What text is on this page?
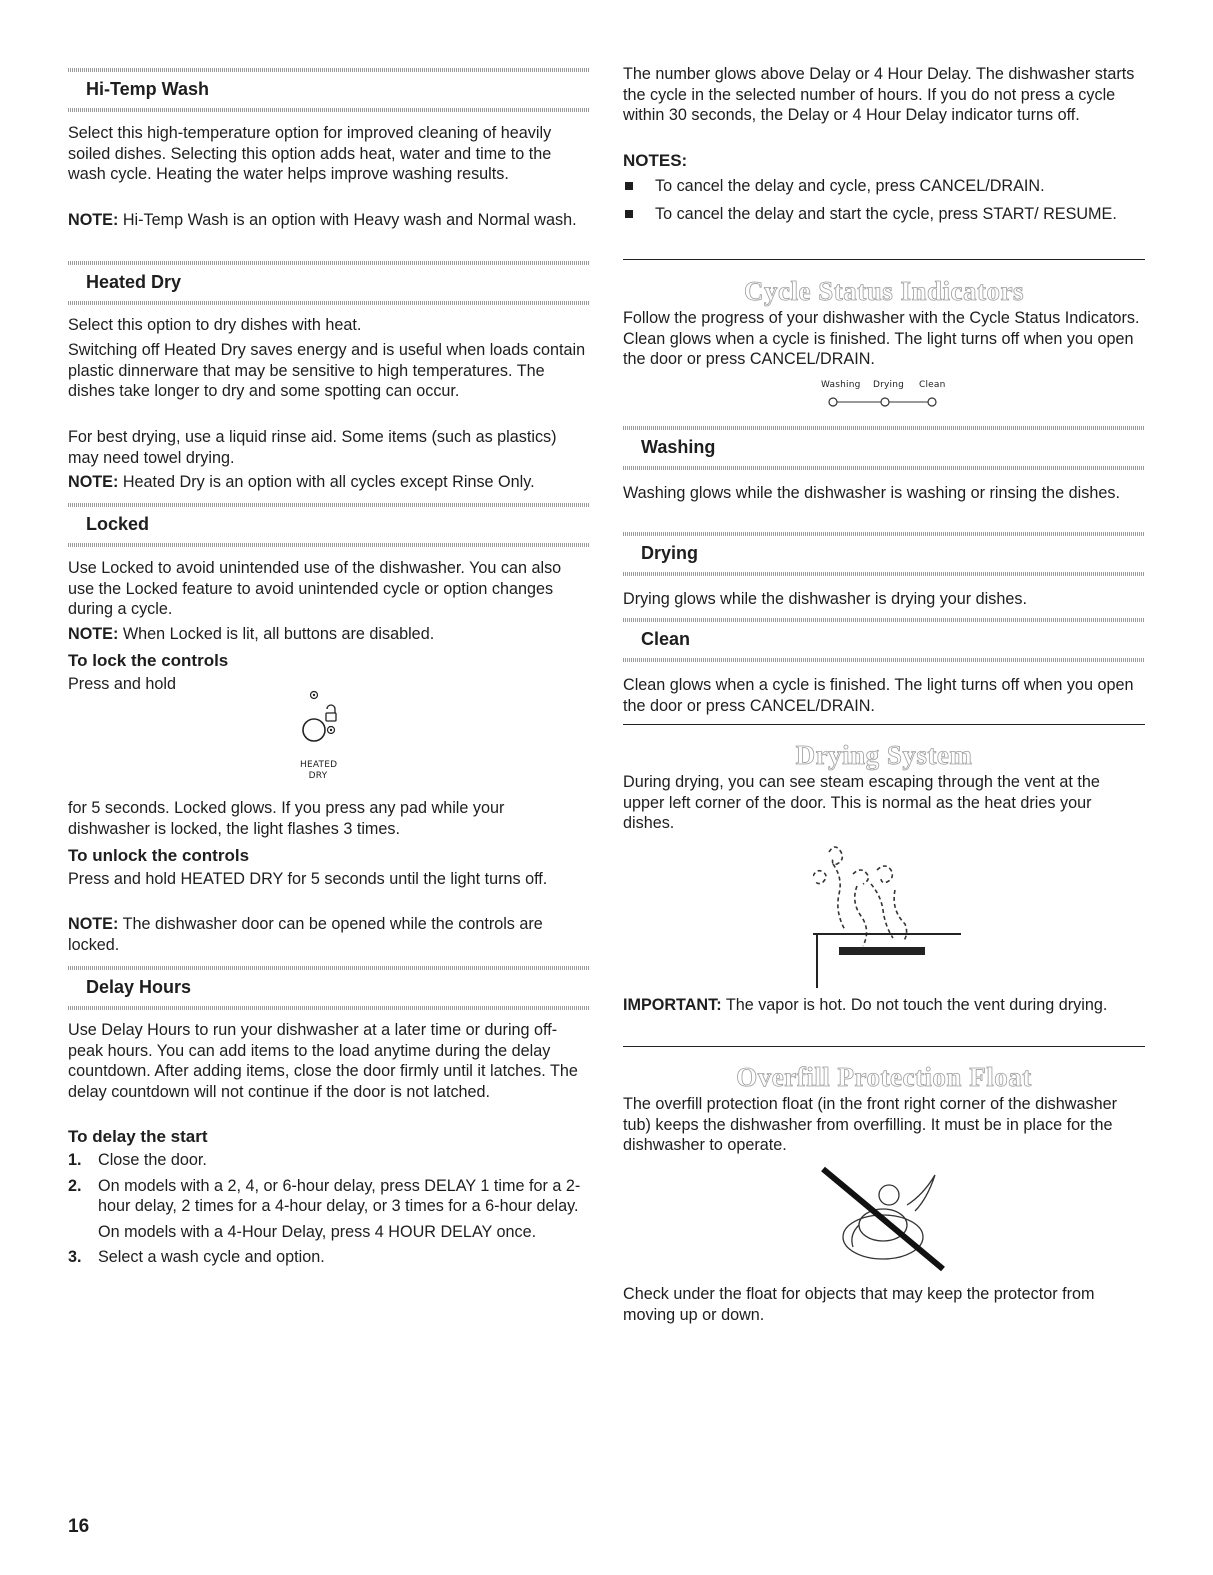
Hi-Temp Wash

Select this high-temperature option for improved cleaning of heavily soiled dishes. Selecting this option adds heat, water and time to the wash cycle. Heating the water helps improve washing results.

NOTE: Hi-Temp Wash is an option with Heavy wash and Normal wash.

Heated Dry

Select this option to dry dishes with heat.

Switching off Heated Dry saves energy and is useful when loads contain plastic dinnerware that may be sensitive to high temperatures. The dishes take longer to dry and some spotting can occur.

For best drying, use a liquid rinse aid. Some items (such as plastics) may need towel drying.

NOTE: Heated Dry is an option with all cycles except Rinse Only.

Locked

Use Locked to avoid unintended use of the dishwasher. You can also use the Locked feature to avoid unintended cycle or option changes during a cycle.

NOTE: When Locked is lit, all buttons are disabled.

To lock the controls

Press and hold

HEATED
DRY

for 5 seconds. Locked glows. If you press any pad while your dishwasher is locked, the light flashes 3 times.

To unlock the controls

Press and hold HEATED DRY for 5 seconds until the light turns off.

NOTE: The dishwasher door can be opened while the controls are locked.

Delay Hours

Use Delay Hours to run your dishwasher at a later time or during off-peak hours. You can add items to the load anytime during the delay countdown. After adding items, close the door firmly until it latches. The delay countdown will not continue if the door is not latched.

To delay the start
1. Close the door.
2. On models with a 2, 4, or 6-hour delay, press DELAY 1 time for a 2-hour delay, 2 times for a 4-hour delay, or 3 times for a 6-hour delay.
On models with a 4-Hour Delay, press 4 HOUR DELAY once.
3. Select a wash cycle and option.

The number glows above Delay or 4 Hour Delay. The dishwasher starts the cycle in the selected number of hours. If you do not press a cycle within 30 seconds, the Delay or 4 Hour Delay indicator turns off.

NOTES:
To cancel the delay and cycle, press CANCEL/DRAIN.
To cancel the delay and start the cycle, press START/ RESUME.
Cycle Status Indicators

Follow the progress of your dishwasher with the Cycle Status Indicators. Clean glows when a cycle is finished. The light turns off when you open the door or press CANCEL/DRAIN.

Washing Drying Clean
Washing

Washing glows while the dishwasher is washing or rinsing the dishes.

Drying

Drying glows while the dishwasher is drying your dishes.

Clean

Clean glows when a cycle is finished. The light turns off when you open the door or press CANCEL/DRAIN.

Drying System

During drying, you can see steam escaping through the vent at the upper left corner of the door. This is normal as the heat dries your dishes.

IMPORTANT: The vapor is hot. Do not touch the vent during drying.

Overfill Protection Float

The overfill protection float (in the front right corner of the dishwasher tub) keeps the dishwasher from overfilling. It must be in place for the dishwasher to operate.

Check under the float for objects that may keep the protector from moving up or down.

16
